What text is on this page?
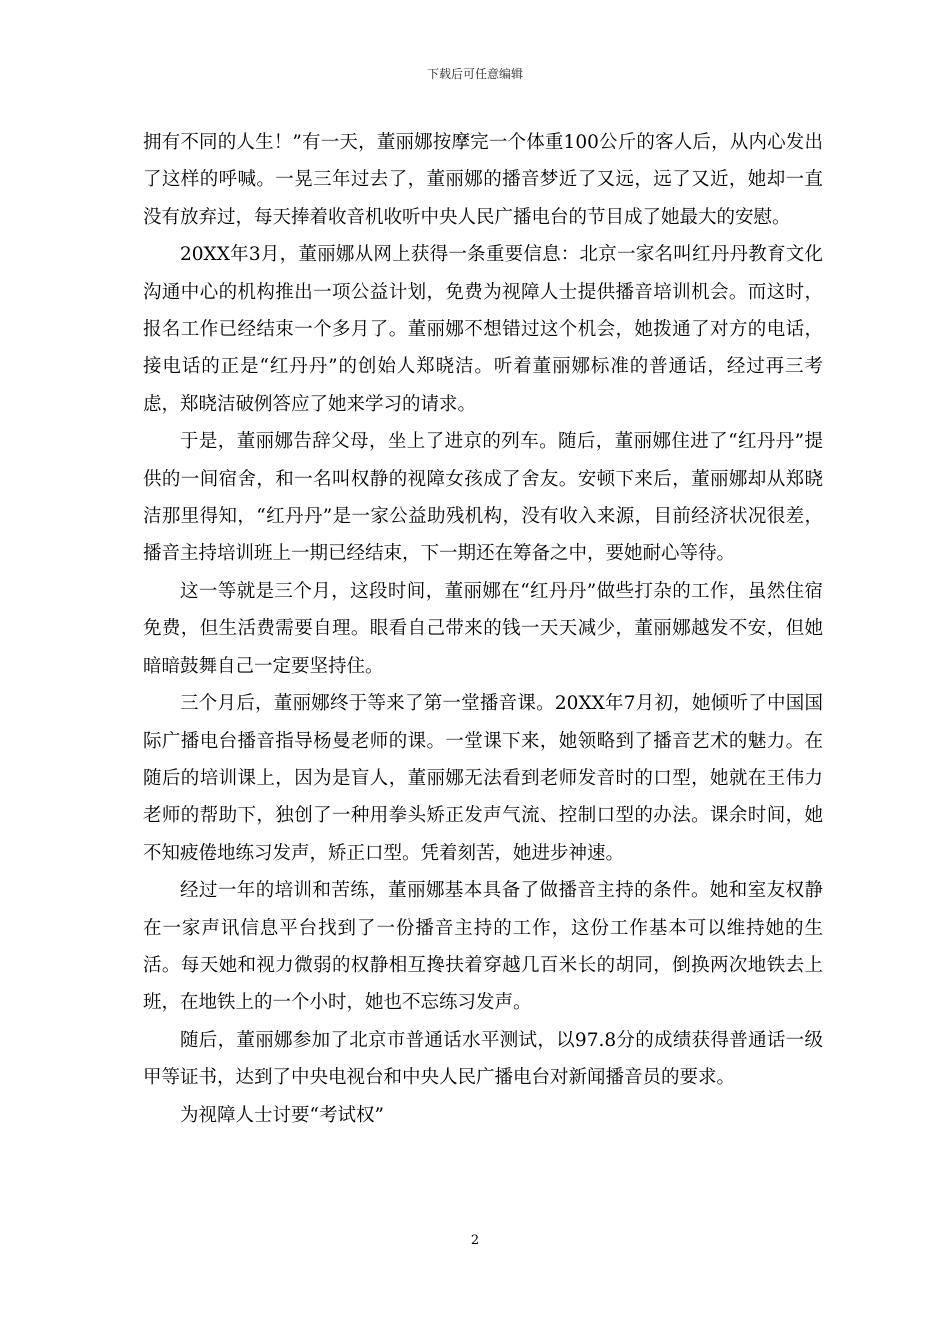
下载后可任意编辑

拥有不同的人生！”有一天，董丽娜按摩完一个体重100公斤的客人后，从内心发出了这样的呼喊。一晃三年过去了，董丽娜的播音梦近了又远，远了又近，她却一直没有放弃过，每天捧着收音机收听中央人民广播电台的节目成了她最大的安慰。

20XX年3月，董丽娜从网上获得一条重要信息：北京一家名叫红丹丹教育文化沟通中心的机构推出一项公益计划，免费为视障人士提供播音培训机会。而这时，报名工作已经结束一个多月了。董丽娜不想错过这个机会，她拨通了对方的电话，接电话的正是“红丹丹”的创始人郑晓洁。听着董丽娜标准的普通话，经过再三考虑，郑晓洁破例答应了她来学习的请求。

于是，董丽娜告辞父母，坐上了进京的列车。随后，董丽娜住进了“红丹丹”提供的一间宿舍，和一名叫权静的视障女孩成了舍友。安顿下来后，董丽娜却从郑晓洁那里得知，“红丹丹”是一家公益助残机构，没有收入来源，目前经济状况很差，播音主持培训班上一期已经结束，下一期还在筹备之中，要她耐心等待。

这一等就是三个月，这段时间，董丽娜在“红丹丹”做些打杂的工作，虽然住宿免费，但生活费需要自理。眼看自己带来的钱一天天减少，董丽娜越发不安，但她暗暗鼓舞自己一定要坚持住。

三个月后，董丽娜终于等来了第一堂播音课。20XX年7月初，她倾听了中国国际广播电台播音指导杨曼老师的课。一堂课下来，她领略到了播音艺术的魅力。在随后的培训课上，因为是盲人，董丽娜无法看到老师发音时的口型，她就在王伟力老师的帮助下，独创了一种用拳头矫正发声气流、控制口型的办法。课余时间，她不知疲倦地练习发声，矫正口型。凭着刻苦，她进步神速。

经过一年的培训和苦练，董丽娜基本具备了做播音主持的条件。她和室友权静在一家声讯信息平台找到了一份播音主持的工作，这份工作基本可以维持她的生活。每天她和视力微弱的权静相互搀扶着穿越几百米长的胡同，倒换两次地铁去上班，在地铁上的一个小时，她也不忘练习发声。

随后，董丽娜参加了北京市普通话水平测试，以97.8分的成绩获得普通话一级甲等证书，达到了中央电视台和中央人民广播电台对新闻播音员的要求。

为视障人士讨要“考试权”

2
